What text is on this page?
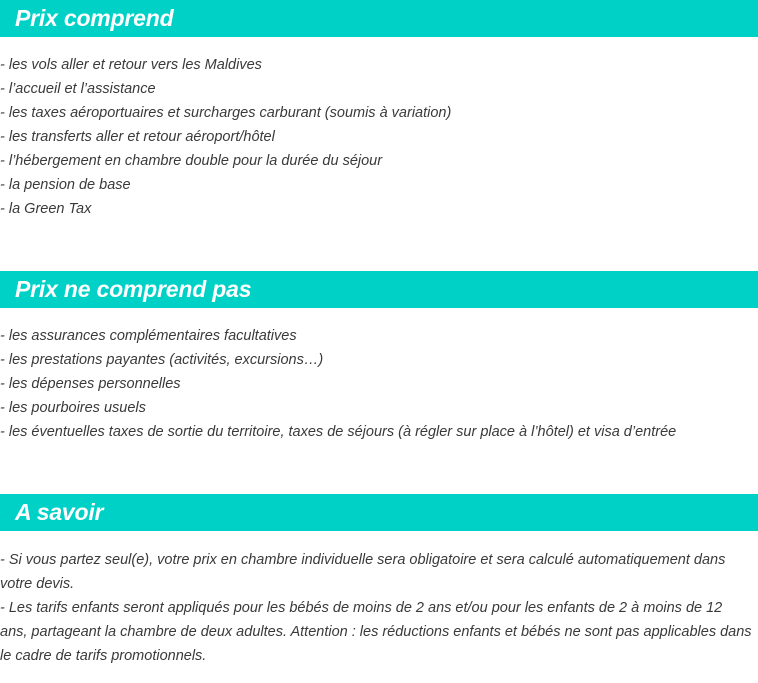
Prix comprend
- les vols aller et retour vers les Maldives
- l’accueil et l’assistance
- les taxes aéroportuaires et surcharges carburant (soumis à variation)
- les transferts aller et retour aéroport/hôtel
- l’hébergement en chambre double pour la durée du séjour
- la pension de base
- la Green Tax
Prix ne comprend pas
- les assurances complémentaires facultatives
- les prestations payantes (activités, excursions…)
- les dépenses personnelles
- les pourboires usuels
- les éventuelles taxes de sortie du territoire, taxes de séjours (à régler sur place à l’hôtel) et visa d’entrée
A savoir
- Si vous partez seul(e), votre prix en chambre individuelle sera obligatoire et sera calculé automatiquement dans votre devis.
- Les tarifs enfants seront appliqués pour les bébés de moins de 2 ans et/ou pour les enfants de 2 à moins de 12 ans, partageant la chambre de deux adultes. Attention : les réductions enfants et bébés ne sont pas applicables dans le cadre de tarifs promotionnels.
